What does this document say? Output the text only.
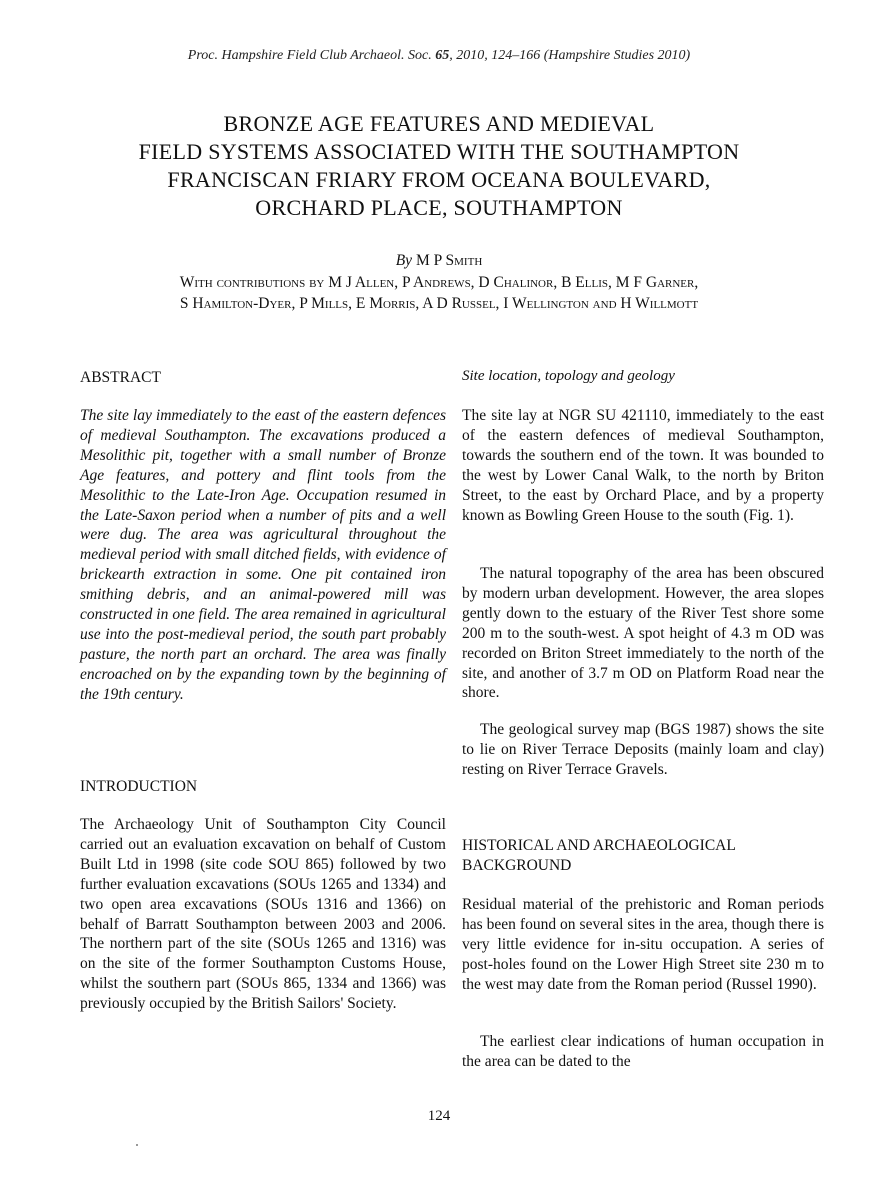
Proc. Hampshire Field Club Archaeol. Soc. 65, 2010, 124–166 (Hampshire Studies 2010)
BRONZE AGE FEATURES AND MEDIEVAL
FIELD SYSTEMS ASSOCIATED WITH THE SOUTHAMPTON
FRANCISCAN FRIARY FROM OCEANA BOULEVARD,
ORCHARD PLACE, SOUTHAMPTON
By M P Smith
With contributions by M J Allen, P Andrews, D Chalinor, B Ellis, M F Garner,
S Hamilton-Dyer, P Mills, E Morris, A D Russel, I Wellington and H Willmott
ABSTRACT

The site lay immediately to the east of the eastern defences of medieval Southampton. The excavations produced a Mesolithic pit, together with a small number of Bronze Age features, and pottery and flint tools from the Mesolithic to the Late-Iron Age. Occupation resumed in the Late-Saxon period when a number of pits and a well were dug. The area was agricultural throughout the medieval period with small ditched fields, with evidence of brickearth extraction in some. One pit contained iron smithing debris, and an animal-powered mill was constructed in one field. The area remained in agricultural use into the post-medieval period, the south part probably pasture, the north part an orchard. The area was finally encroached on by the expanding town by the beginning of the 19th century.

INTRODUCTION

The Archaeology Unit of Southampton City Council carried out an evaluation excavation on behalf of Custom Built Ltd in 1998 (site code SOU 865) followed by two further evaluation excavations (SOUs 1265 and 1334) and two open area excavations (SOUs 1316 and 1366) on behalf of Barratt Southampton between 2003 and 2006. The northern part of the site (SOUs 1265 and 1316) was on the site of the former Southampton Customs House, whilst the southern part (SOUs 865, 1334 and 1366) was previously occupied by the British Sailors' Society.

Site location, topology and geology

The site lay at NGR SU 421110, immediately to the east of the eastern defences of medieval Southampton, towards the southern end of the town. It was bounded to the west by Lower Canal Walk, to the north by Briton Street, to the east by Orchard Place, and by a property known as Bowling Green House to the south (Fig. 1).

The natural topography of the area has been obscured by modern urban development. However, the area slopes gently down to the estuary of the River Test shore some 200 m to the south-west. A spot height of 4.3 m OD was recorded on Briton Street immediately to the north of the site, and another of 3.7 m OD on Platform Road near the shore.

The geological survey map (BGS 1987) shows the site to lie on River Terrace Deposits (mainly loam and clay) resting on River Terrace Gravels.

HISTORICAL AND ARCHAEOLOGICAL BACKGROUND

Residual material of the prehistoric and Roman periods has been found on several sites in the area, though there is very little evidence for in-situ occupation. A series of post-holes found on the Lower High Street site 230 m to the west may date from the Roman period (Russel 1990).

The earliest clear indications of human occupation in the area can be dated to the

124
